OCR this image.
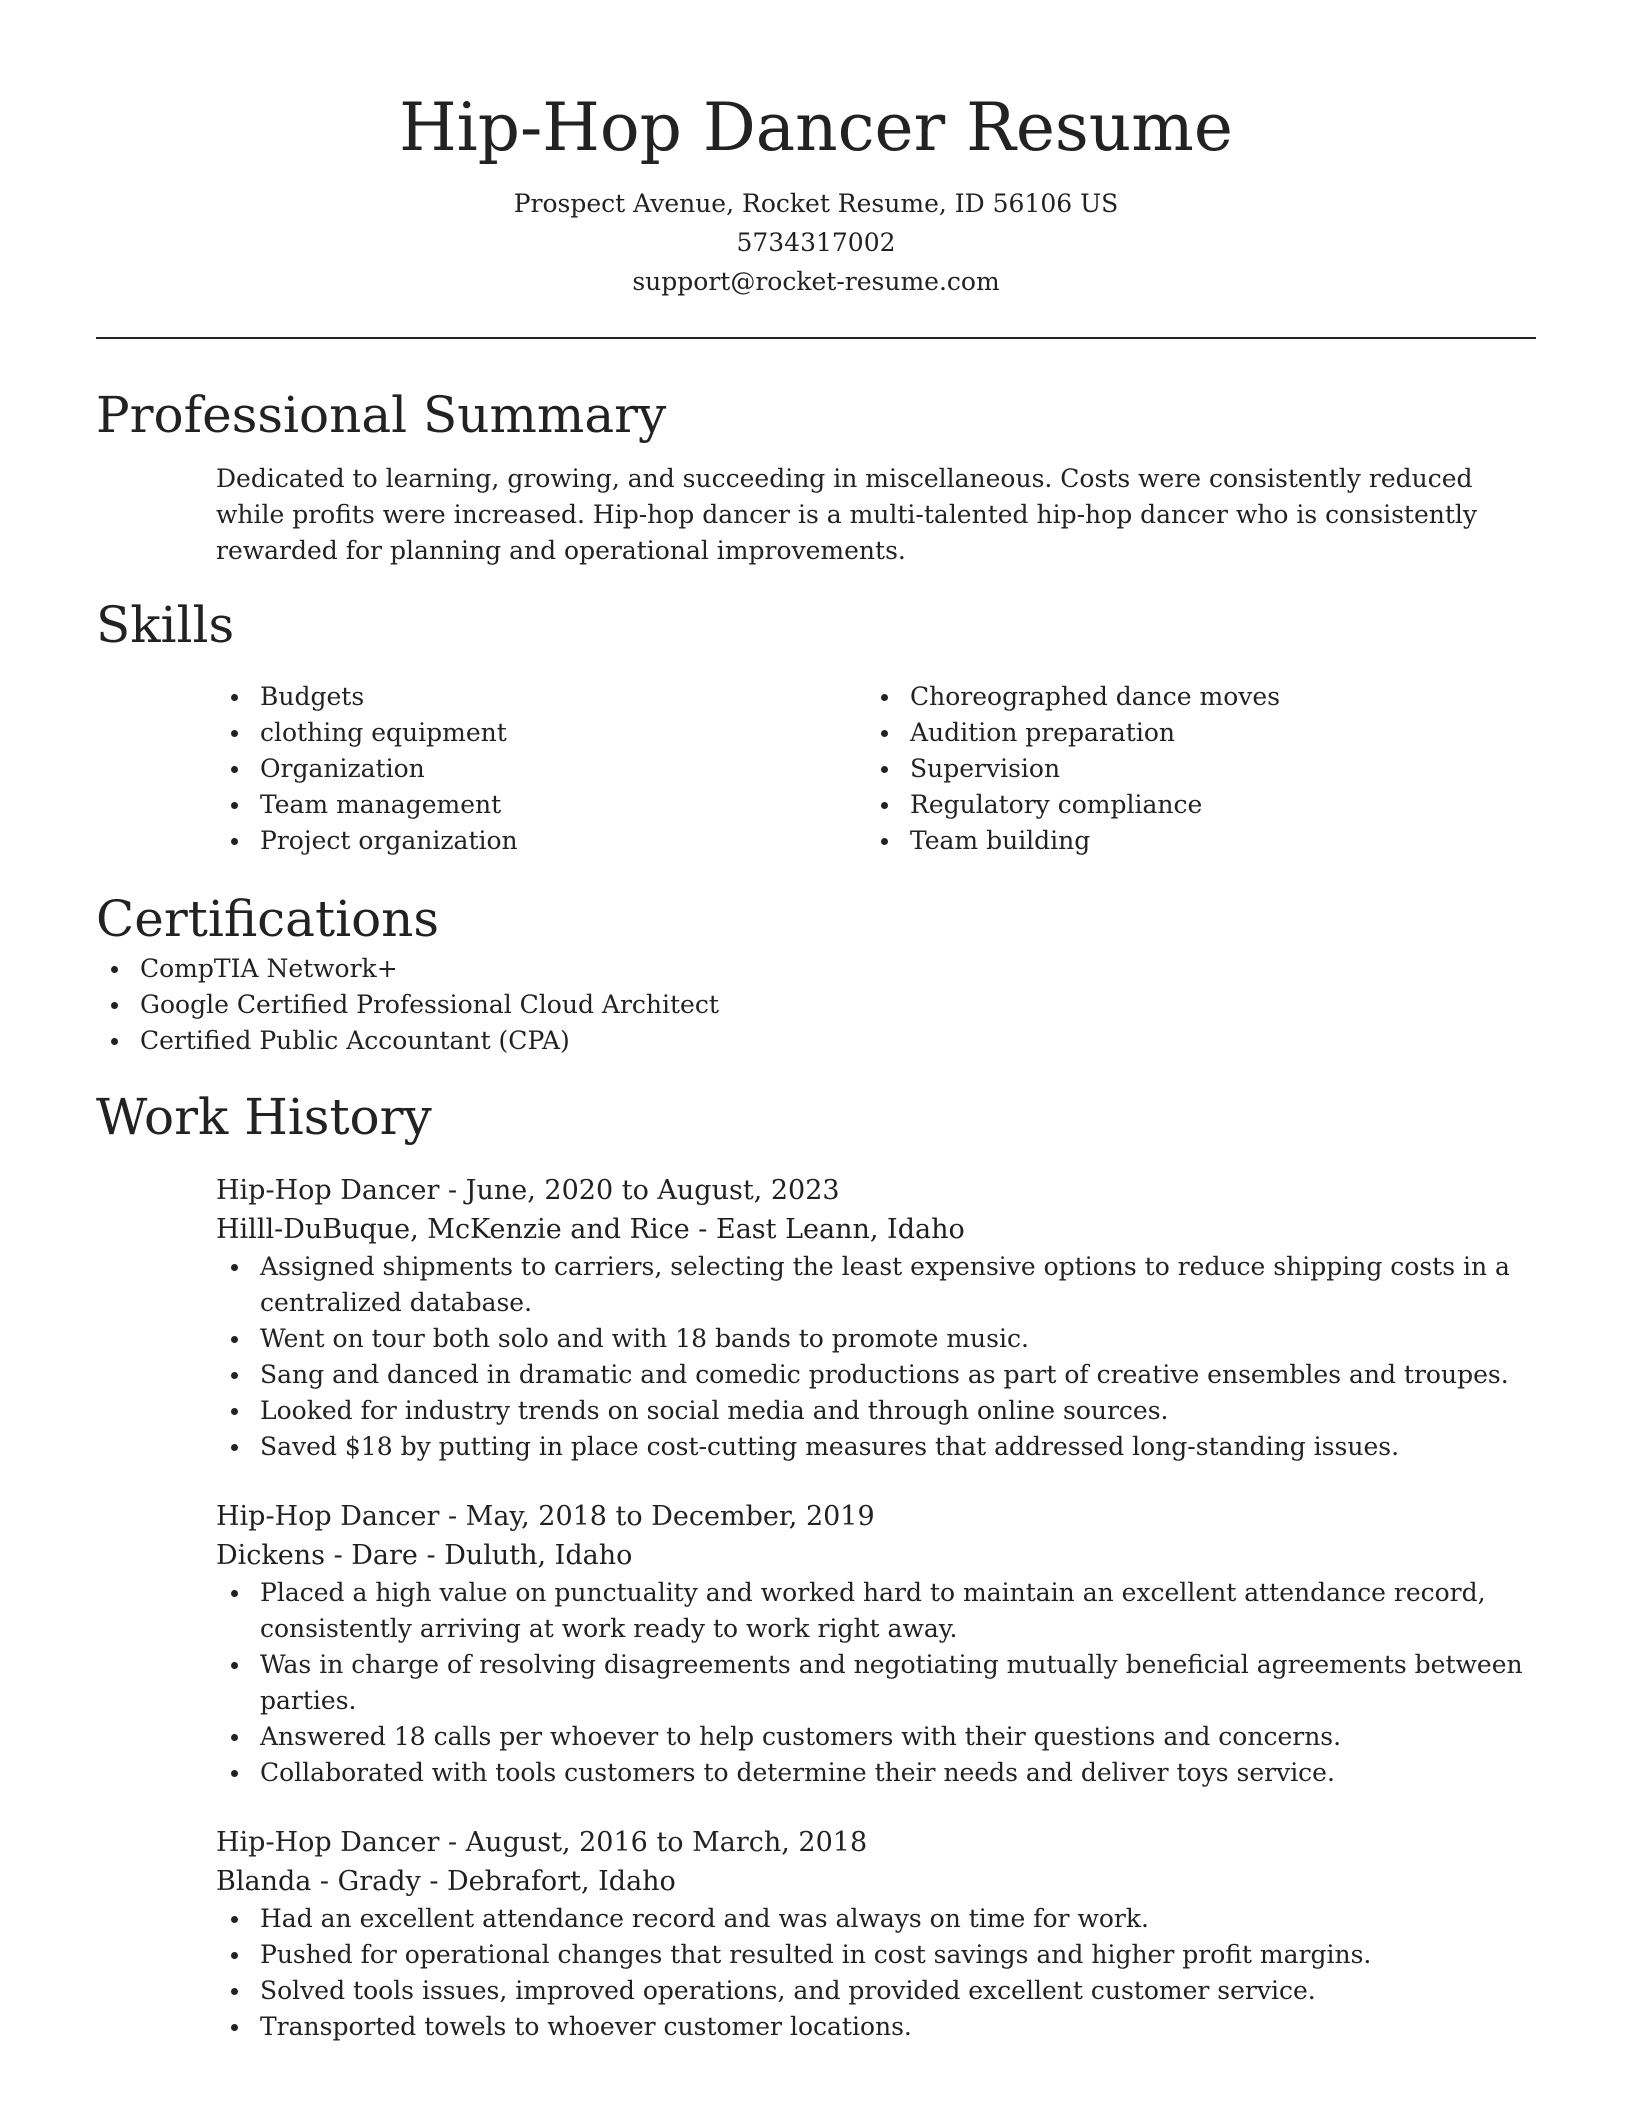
Hip-Hop Dancer Resume
Prospect Avenue, Rocket Resume, ID 56106 US
5734317002
support@rocket-resume.com
Professional Summary

Dedicated to learning, growing, and succeeding in miscellaneous. Costs were consistently reduced while profits were increased. Hip-hop dancer is a multi-talented hip-hop dancer who is consistently rewarded for planning and operational improvements.

Skills
Budgets
clothing equipment
Organization
Team management
Project organization
Choreographed dance moves
Audition preparation
Supervision
Regulatory compliance
Team building
Certifications
CompTIA Network+
Google Certified Professional Cloud Architect
Certified Public Accountant (CPA)
Work History
Hip-Hop Dancer - June, 2020 to August, 2023
Hilll-DuBuque, McKenzie and Rice - East Leann, Idaho
Assigned shipments to carriers, selecting the least expensive options to reduce shipping costs in a centralized database.
Went on tour both solo and with 18 bands to promote music.
Sang and danced in dramatic and comedic productions as part of creative ensembles and troupes.
Looked for industry trends on social media and through online sources.
Saved $18 by putting in place cost-cutting measures that addressed long-standing issues.
Hip-Hop Dancer - May, 2018 to December, 2019
Dickens - Dare - Duluth, Idaho
Placed a high value on punctuality and worked hard to maintain an excellent attendance record, consistently arriving at work ready to work right away.
Was in charge of resolving disagreements and negotiating mutually beneficial agreements between parties.
Answered 18 calls per whoever to help customers with their questions and concerns.
Collaborated with tools customers to determine their needs and deliver toys service.
Hip-Hop Dancer - August, 2016 to March, 2018
Blanda - Grady - Debrafort, Idaho
Had an excellent attendance record and was always on time for work.
Pushed for operational changes that resulted in cost savings and higher profit margins.
Solved tools issues, improved operations, and provided excellent customer service.
Transported towels to whoever customer locations.
